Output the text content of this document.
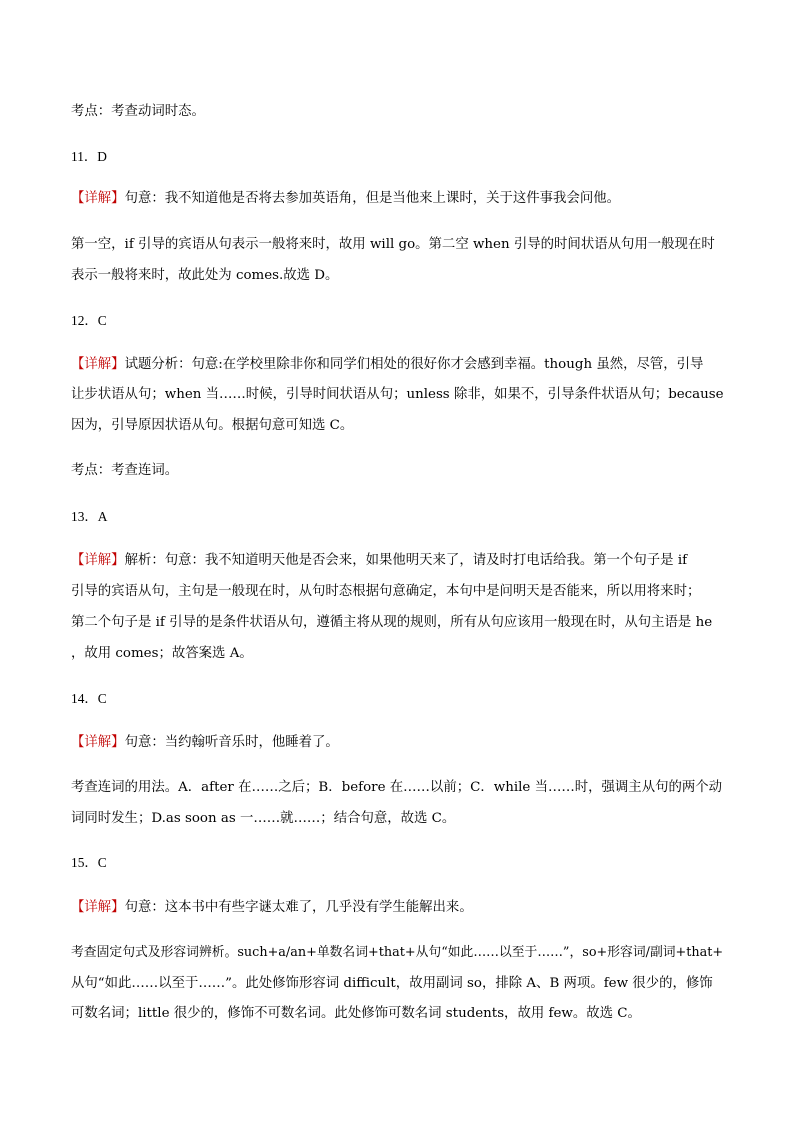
考点：考查动词时态。
11．D
【详解】句意：我不知道他是否将去参加英语角，但是当他来上课时，关于这件事我会问他。
第一空，if 引导的宾语从句表示一般将来时，故用 will go。第二空 when 引导的时间状语从句用一般现在时
表示一般将来时，故此处为 comes.故选 D。
12．C
【详解】试题分析：句意:在学校里除非你和同学们相处的很好你才会感到幸福。though 虽然，尽管，引导
让步状语从句；when 当……时候，引导时间状语从句；unless 除非，如果不，引导条件状语从句；because
因为，引导原因状语从句。根据句意可知选 C。
考点：考查连词。
13．A
【详解】解析：句意：我不知道明天他是否会来，如果他明天来了，请及时打电话给我。第一个句子是 if
引导的宾语从句，主句是一般现在时，从句时态根据句意确定，本句中是问明天是否能来，所以用将来时；
第二个句子是 if 引导的是条件状语从句，遵循主将从现的规则，所有从句应该用一般现在时，从句主语是 he
，故用 comes；故答案选 A。
14．C
【详解】句意：当约翰听音乐时，他睡着了。
考查连词的用法。A．after 在……之后；B．before 在……以前；C．while 当……时，强调主从句的两个动
词同时发生；D.as soon as 一……就……；结合句意，故选 C。
15．C
【详解】句意：这本书中有些字谜太难了，几乎没有学生能解出来。
考查固定句式及形容词辨析。such+a/an+单数名词+that+从句“如此……以至于……”，so+形容词/副词+that+
从句“如此……以至于……”。此处修饰形容词 difficult，故用副词 so，排除 A、B 两项。few 很少的，修饰
可数名词；little 很少的，修饰不可数名词。此处修饰可数名词 students，故用 few。故选 C。
